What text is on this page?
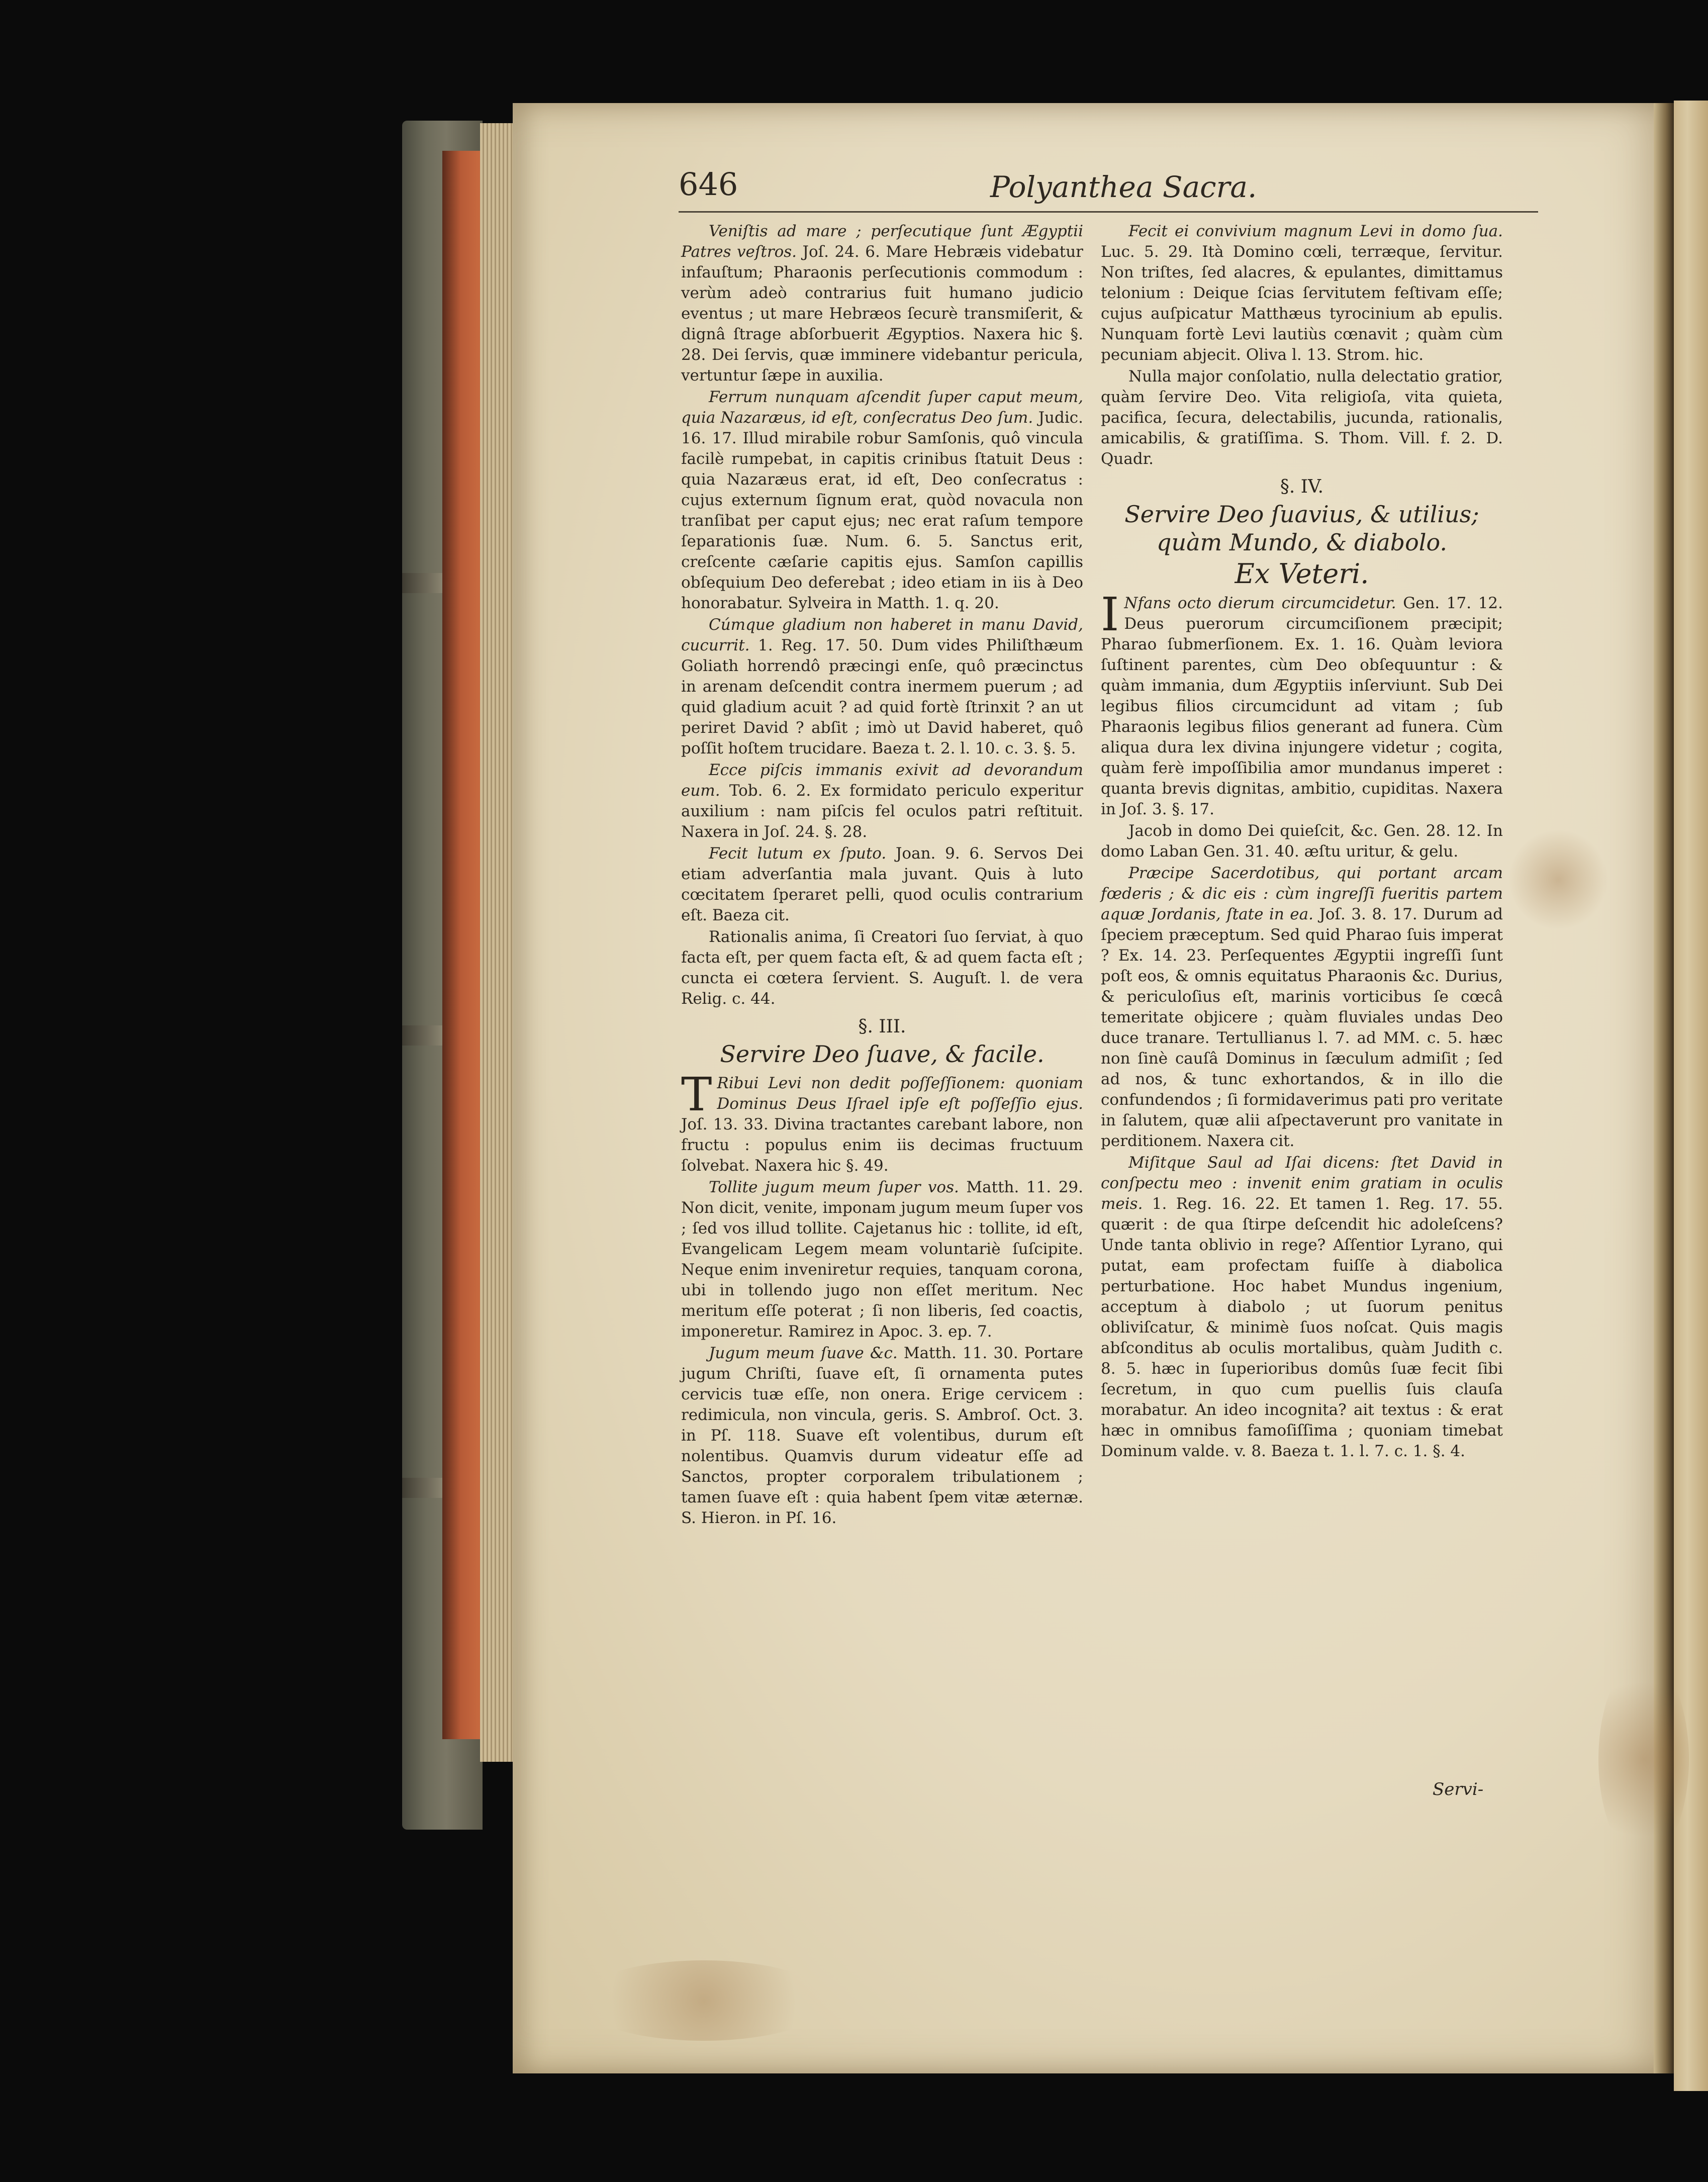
646	Polyanthea Sacra.

Veniſtis ad mare ; perſecutique ſunt Ægyptii Patres veſtros. Joſ. 24. 6. Mare Hebræis videbatur infauſtum; Pharaonis perſecutionis commodum : verùm adeò contrarius fuit humano judicio eventus ; ut mare Hebræos ſecurè transmiſerit, & dignâ ſtrage abſorbuerit Ægyptios. Naxera hic §. 28. Dei ſervis, quæ imminere videbantur pericula, vertuntur ſæpe in auxilia.

Ferrum nunquam aſcendit ſuper caput meum, quia Nazaræus, id eſt, conſecratus Deo ſum. Judic. 16. 17. Illud mirabile robur Samſonis, quô vincula facilè rumpebat, in capitis crinibus ſtatuit Deus : quia Nazaræus erat, id eſt, Deo conſecratus : cujus externum ſignum erat, quòd novacula non tranſibat per caput ejus; nec erat raſum tempore ſeparationis ſuæ. Num. 6. 5. Sanctus erit, creſcente cæſarie capitis ejus. Samſon capillis obſequium Deo deferebat ; ideo etiam in iis à Deo honorabatur. Sylveira in Matth. 1. q. 20.

Cúmque gladium non haberet in manu David, cucurrit. 1. Reg. 17. 50. Dum vides Philiſthæum Goliath horrendô præcingi enſe, quô præcinctus in arenam deſcendit contra inermem puerum ; ad quid gladium acuit ? ad quid fortè ſtrinxit ? an ut periret David ? abſit ; imò ut David haberet, quô poſſit hoſtem trucidare. Baeza t. 2. l. 10. c. 3. §. 5.

Ecce piſcis immanis exivit ad devorandum eum. Tob. 6. 2. Ex formidato periculo experitur auxilium : nam piſcis fel oculos patri reſtituit. Naxera in Joſ. 24. §. 28.

Fecit lutum ex ſputo. Joan. 9. 6. Servos Dei etiam adverſantia mala juvant. Quis à luto cœcitatem ſperaret pelli, quod oculis contrarium eſt. Baeza cit.

Rationalis anima, ſi Creatori ſuo ſerviat, à quo facta eſt, per quem facta eſt, & ad quem facta eſt ; cuncta ei cœtera ſervient. S. Auguſt. l. de vera Relig. c. 44.

§. III.
Servire Deo ſuave, & facile.

T Ribui Levi non dedit poſſeſſionem: quoniam Dominus Deus Iſrael ipſe eſt poſſeſſio ejus. Joſ. 13. 33. Divina tractantes carebant labore, non fructu : populus enim iis decimas fructuum ſolvebat. Naxera hic §. 49.

Tollite jugum meum ſuper vos. Matth. 11. 29. Non dicit, venite, imponam jugum meum ſuper vos ; ſed vos illud tollite. Cajetanus hic : tollite, id eſt, Evangelicam Legem meam voluntariè ſuſcipite. Neque enim inveniretur requies, tanquam corona, ubi in tollendo jugo non eſſet meritum. Nec meritum eſſe poterat ; ſi non liberis, ſed coactis, imponeretur. Ramirez in Apoc. 3. ep. 7.

Jugum meum ſuave &c. Matth. 11. 30. Portare jugum Chriſti, ſuave eſt, ſi ornamenta putes cervicis tuæ eſſe, non onera. Erige cervicem : redimicula, non vincula, geris. S. Ambroſ. Oct. 3. in Pſ. 118. Suave eſt volentibus, durum eſt nolentibus. Quamvis durum videatur eſſe ad Sanctos, propter corporalem tribulationem ; tamen ſuave eſt : quia habent ſpem vitæ æternæ. S. Hieron. in Pſ. 16.

Fecit ei convivium magnum Levi in domo ſua. Luc. 5. 29. Ità Domino cœli, terræque, ſervitur. Non triſtes, ſed alacres, & epulantes, dimittamus telonium : Deique ſcias ſervitutem feſtivam eſſe; cujus auſpicatur Matthæus tyrocinium ab epulis. Nunquam fortè Levi lautiùs cœnavit ; quàm cùm pecuniam abjecit. Oliva l. 13. Strom. hic.

Nulla major conſolatio, nulla delectatio gratior, quàm ſervire Deo. Vita religioſa, vita quieta, pacifica, ſecura, delectabilis, jucunda, rationalis, amicabilis, & gratiſſima. S. Thom. Vill. f. 2. D. Quadr.

§. IV.
Servire Deo ſuavius, & utilius; quàm Mundo, & diabolo.
Ex Veteri.

I Nfans octo dierum circumcidetur. Gen. 17. 12. Deus puerorum circumciſionem præcipit; Pharao ſubmerſionem. Ex. 1. 16. Quàm leviora ſuſtinent parentes, cùm Deo obſequuntur : & quàm immania, dum Ægyptiis inſerviunt. Sub Dei legibus filios circumcidunt ad vitam ; ſub Pharaonis legibus filios generant ad funera. Cùm aliqua dura lex divina injungere videtur ; cogita, quàm ferè impoſſibilia amor mundanus imperet : quanta brevis dignitas, ambitio, cupiditas. Naxera in Joſ. 3. §. 17.

Jacob in domo Dei quieſcit, &c. Gen. 28. 12. In domo Laban Gen. 31. 40. æſtu uritur, & gelu.

Præcipe Sacerdotibus, qui portant arcam fœderis ; & dic eis : cùm ingreſſi fueritis partem aquæ Jordanis, ſtate in ea. Joſ. 3. 8. 17. Durum ad ſpeciem præceptum. Sed quid Pharao ſuis imperat ? Ex. 14. 23. Perſequentes Ægyptii ingreſſi ſunt poſt eos, & omnis equitatus Pharaonis &c. Durius, & periculoſius eſt, marinis vorticibus ſe cœcâ temeritate objicere ; quàm fluviales undas Deo duce tranare. Tertullianus l. 7. ad MM. c. 5. hæc non ſinè cauſâ Dominus in ſæculum admiſit ; ſed ad nos, & tunc exhortandos, & in illo die confundendos ; ſi formidaverimus pati pro veritate in ſalutem, quæ alii aſpectaverunt pro vanitate in perditionem. Naxera cit.

Miſitque Saul ad Iſai dicens: ſtet David in conſpectu meo : invenit enim gratiam in oculis meis. 1. Reg. 16. 22. Et tamen 1. Reg. 17. 55. quærit : de qua ſtirpe deſcendit hic adoleſcens? Unde tanta oblivio in rege? Aſſentior Lyrano, qui putat, eam profectam fuiſſe à diabolica perturbatione. Hoc habet Mundus ingenium, acceptum à diabolo ; ut ſuorum penitus obliviſcatur, & minimè ſuos noſcat. Quis magis abſconditus ab oculis mortalibus, quàm Judith c. 8. 5. hæc in ſuperioribus domûs ſuæ fecit ſibi ſecretum, in quo cum puellis ſuis clauſa morabatur. An ideo incognita? ait textus : & erat hæc in omnibus famoſiſſima ; quoniam timebat Dominum valde. v. 8. Baeza t. 1. l. 7. c. 1. §. 4.

Servi-
